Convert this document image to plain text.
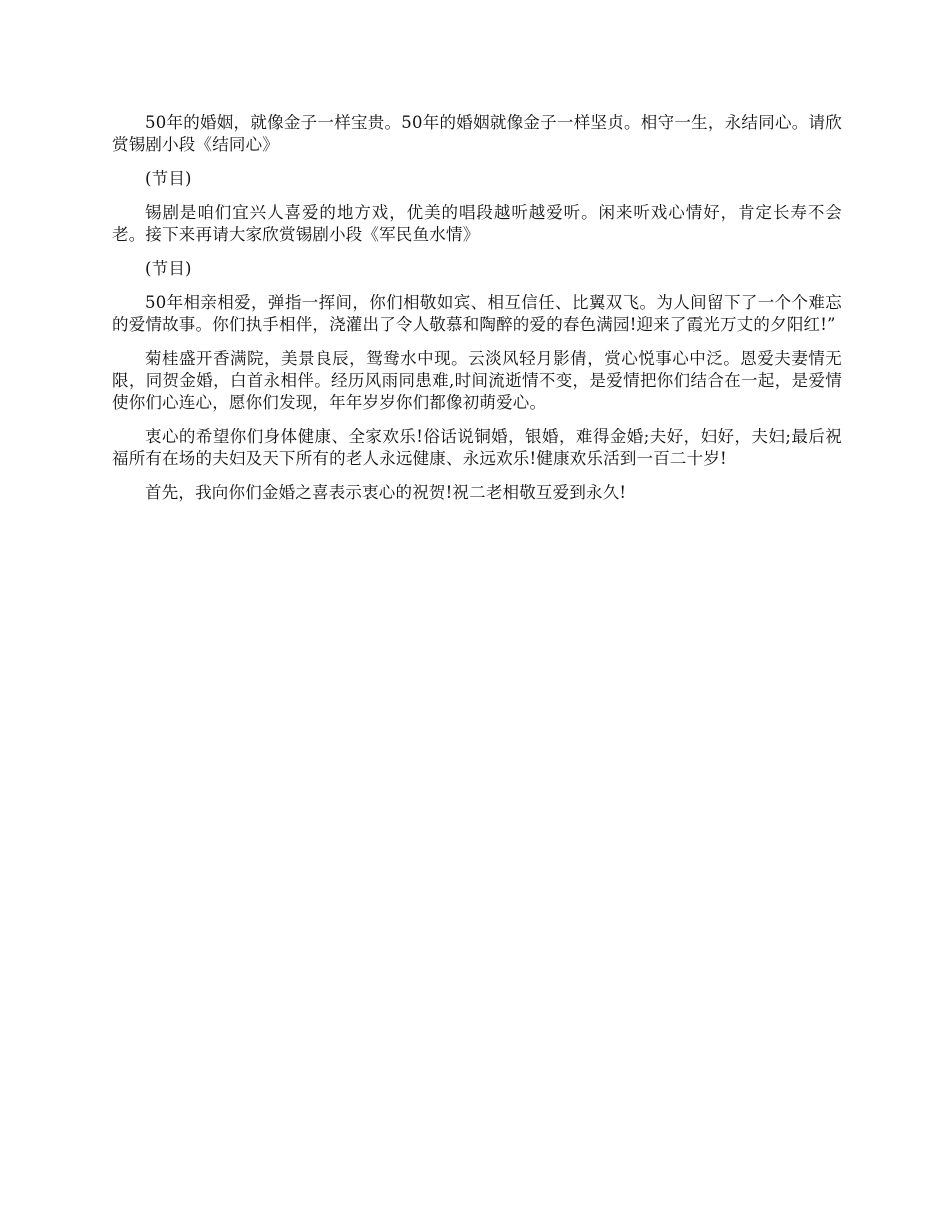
50年的婚姻，就像金子一样宝贵。50年的婚姻就像金子一样坚贞。相守一生，永结同心。请欣赏锡剧小段《结同心》

(节目)

锡剧是咱们宜兴人喜爱的地方戏，优美的唱段越听越爱听。闲来听戏心情好，肯定长寿不会老。接下来再请大家欣赏锡剧小段《军民鱼水情》

(节目)

50年相亲相爱，弹指一挥间，你们相敬如宾、相互信任、比翼双飞。为人间留下了一个个难忘的爱情故事。你们执手相伴，浇灌出了令人敬慕和陶醉的爱的春色满园!迎来了霞光万丈的夕阳红!”

菊桂盛开香满院，美景良辰，鸳鸯水中现。云淡风轻月影倩，赏心悦事心中泛。恩爱夫妻情无限，同贺金婚，白首永相伴。经历风雨同患难,时间流逝情不变，是爱情把你们结合在一起，是爱情使你们心连心，愿你们发现，年年岁岁你们都像初萌爱心。

衷心的希望你们身体健康、全家欢乐!俗话说铜婚，银婚，难得金婚;夫好，妇好，夫妇;最后祝福所有在场的夫妇及天下所有的老人永远健康、永远欢乐!健康欢乐活到一百二十岁!

首先，我向你们金婚之喜表示衷心的祝贺!祝二老相敬互爱到永久!
